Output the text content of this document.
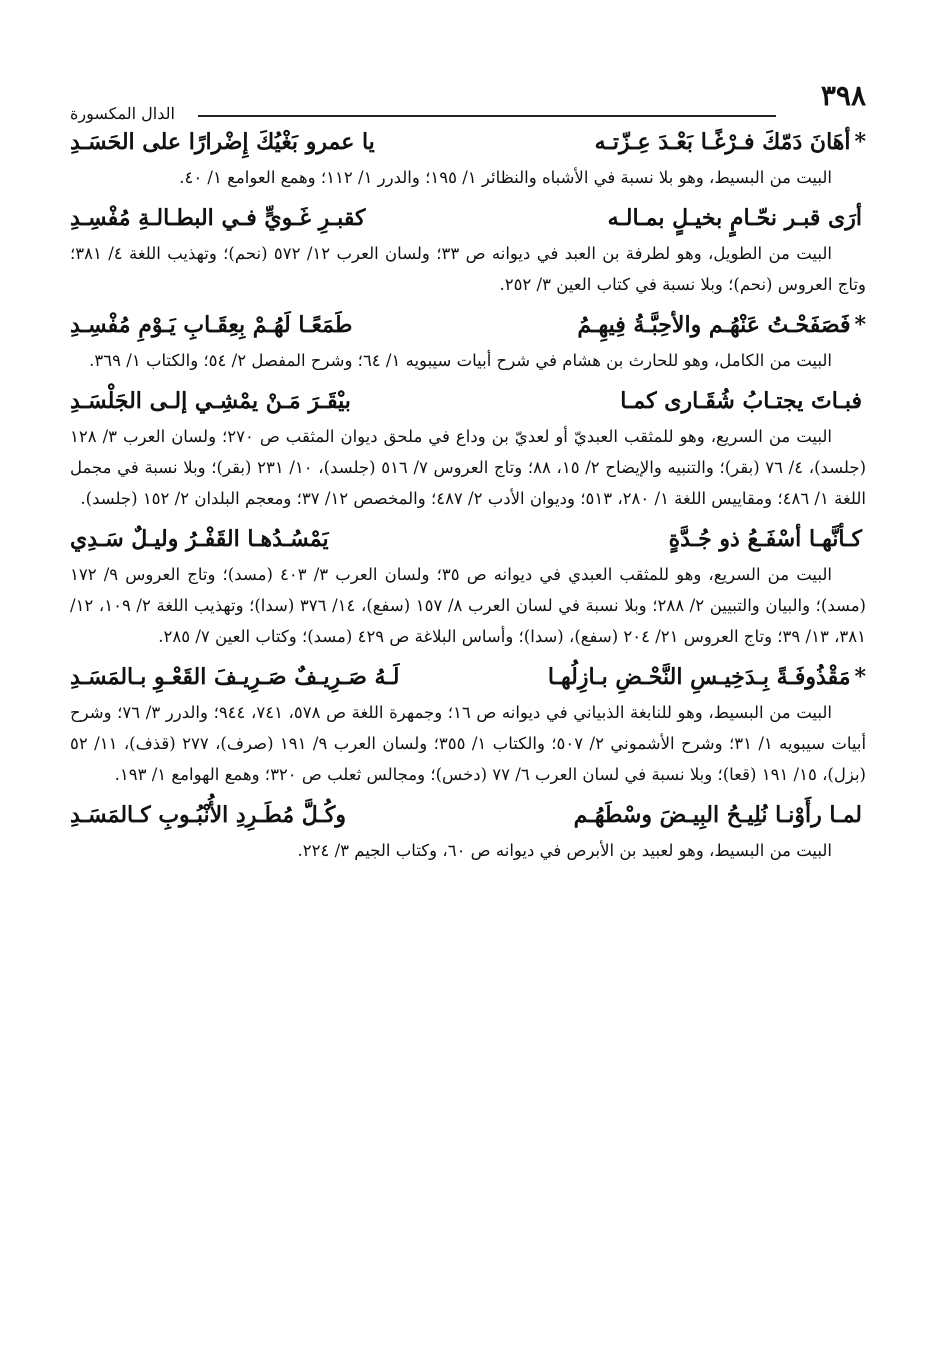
٣٩٨
الدال المكسورة
*أهَانَ دَمّكَ فـرْغًـا بَعْـدَ عِـزّتـه
يا عمرو بَغْيُكَ إِضْرارًا على الحَسَـدِ

البيت من البسيط، وهو بلا نسبة في الأشباه والنظائر ١/ ١٩٥؛ والدرر ١/ ١١٢؛ وهمع العوامع ١/ ٤٠.

أرَى قبـر نحّـامٍ بخيـلٍ بمـالـه
كقبـرِ غَـويٍّ فـي البطـالـةِ مُفْسِـدِ

البيت من الطويل، وهو لطرفة بن العبد في ديوانه ص ٣٣؛ ولسان العرب ١٢/ ٥٧٢ (نحم)؛ وتهذيب اللغة ٤/ ٣٨١؛ وتاج العروس (نحم)؛ وبلا نسبة في كتاب العين ٣/ ٢٥٢.

*فَصَفَحْـتُ عَنْهُـم والأحِبَّـةُ فِيهِـمُ
طَمَعًـا لَهُـمْ بِعِقَـابِ يَـوْمِ مُفْسِـدِ

البيت من الكامل، وهو للحارث بن هشام في شرح أبيات سيبويه ١/ ٦٤؛ وشرح المفصل ٢/ ٥٤؛ والكتاب ١/ ٣٦٩.

فبـاتَ يجتـابُ شُقَـارى كمـا
بيْقَـرَ مَـنْ يمْشِـي إلـى الجَلْسَـدِ

البيت من السريع، وهو للمثقب العبديّ أو لعديّ بن وداع في ملحق ديوان المثقب ص ٢٧٠؛ ولسان العرب ٣/ ١٢٨ (جلسد)، ٤/ ٧٦ (بقر)؛ والتنبيه والإيضاح ٢/ ١٥، ٨٨؛ وتاج العروس ٧/ ٥١٦ (جلسد)، ١٠/ ٢٣١ (بقر)؛ وبلا نسبة في مجمل اللغة ١/ ٤٨٦؛ ومقاييس اللغة ١/ ٢٨٠، ٥١٣؛ وديوان الأدب ٢/ ٤٨٧؛ والمخصص ١٢/ ٣٧؛ ومعجم البلدان ٢/ ١٥٢ (جلسد).

كـأنَّهـا أسْفَـعُ ذو جُـدَّةٍ
يَمْسُـدُهـا القَفْـرُ وليـلٌ سَـدِي

البيت من السريع، وهو للمثقب العبدي في ديوانه ص ٣٥؛ ولسان العرب ٣/ ٤٠٣ (مسد)؛ وتاج العروس ٩/ ١٧٢ (مسد)؛ والبيان والتبيين ٢/ ٢٨٨؛ وبلا نسبة في لسان العرب ٨/ ١٥٧ (سفع)، ١٤/ ٣٧٦ (سدا)؛ وتهذيب اللغة ٢/ ١٠٩، ١٢/ ٣٨١، ١٣/ ٣٩؛ وتاج العروس ٢١/ ٢٠٤ (سفع)، (سدا)؛ وأساس البلاغة ص ٤٢٩ (مسد)؛ وكتاب العين ٧/ ٢٨٥.

*مَقْذُوفَـةً بِـدَخِيـسِ النَّحْـضِ بـازِلُهـا
لَـهُ صَـرِيـفٌ صَـرِيـفَ القَعْـوِ بـالمَسَـدِ

البيت من البسيط، وهو للنابغة الذبياني في ديوانه ص ١٦؛ وجمهرة اللغة ص ٥٧٨، ٧٤١، ٩٤٤؛ والدرر ٣/ ٧٦؛ وشرح أبيات سيبويه ١/ ٣١؛ وشرح الأشموني ٢/ ٥٠٧؛ والكتاب ١/ ٣٥٥؛ ولسان العرب ٩/ ١٩١ (صرف)، ٢٧٧ (قذف)، ١١/ ٥٢ (بزل)، ١٥/ ١٩١ (قعا)؛ وبلا نسبة في لسان العرب ٦/ ٧٧ (دخس)؛ ومجالس ثعلب ص ٣٢٠؛ وهمع الهوامع ١/ ١٩٣.

لمـا رأَوْنـا نُلِيـحُ البِيـضَ وسْطَهُـم
وكُـلَّ مُطَـرِدِ الأُنْبُـوبِ كـالمَسَـدِ

البيت من البسيط، وهو لعبيد بن الأبرص في ديوانه ص ٦٠، وكتاب الجيم ٣/ ٢٢٤.
